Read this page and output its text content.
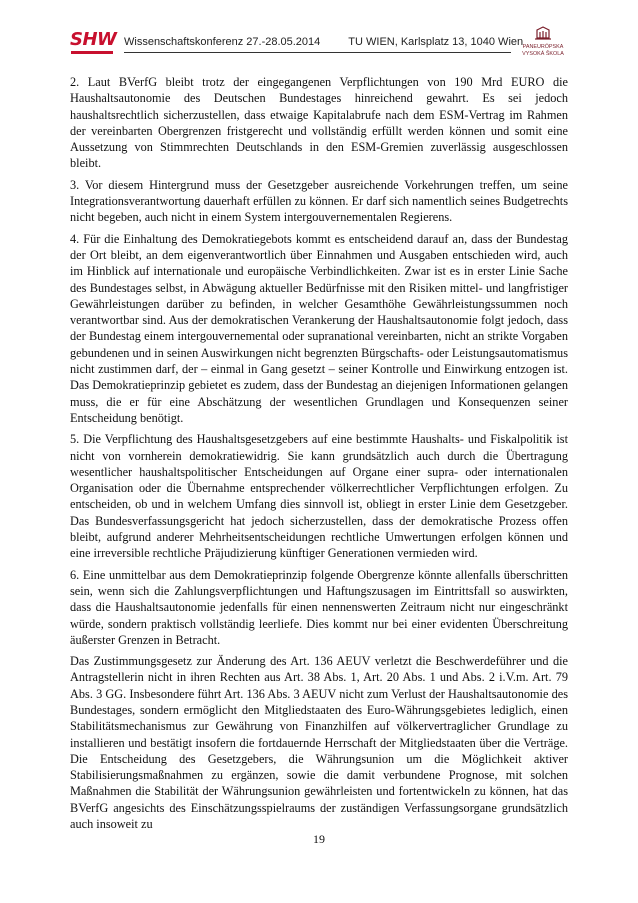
SHW Wissenschaftskonferenz 27.-28.05.2014	TU WIEN, Karlsplatz 13, 1040 Wien PANEURÓPSKA
VYSOKÁ ŠKOLA

2. Laut BVerfG bleibt trotz der eingegangenen Verpflichtungen von 190 Mrd EURO die Haushaltsautonomie des Deutschen Bundestages hinreichend gewahrt. Es sei jedoch haushaltsrechtlich sicherzustellen, dass etwaige Kapitalabrufe nach dem ESM-Vertrag im Rahmen der vereinbarten Obergrenzen fristgerecht und vollständig erfüllt werden können und somit eine Aussetzung von Stimmrechten Deutschlands in den ESM-Gremien zuverlässig ausgeschlossen bleibt.

3. Vor diesem Hintergrund muss der Gesetzgeber ausreichende Vorkehrungen treffen, um seine Integrationsverantwortung dauerhaft erfüllen zu können. Er darf sich namentlich seines Budgetrechts nicht begeben, auch nicht in einem System intergouvernementalen Regierens.

4. Für die Einhaltung des Demokratiegebots kommt es entscheidend darauf an, dass der Bundestag der Ort bleibt, an dem eigenverantwortlich über Einnahmen und Ausgaben entschieden wird, auch im Hinblick auf internationale und europäische Verbindlichkeiten. Zwar ist es in erster Linie Sache des Bundestages selbst, in Abwägung aktueller Bedürfnisse mit den Risiken mittel- und langfristiger Gewährleistungen darüber zu befinden, in welcher Gesamthöhe Gewährleistungssummen noch verantwortbar sind. Aus der demokratischen Verankerung der Haushaltsautonomie folgt jedoch, dass der Bundestag einem intergouvernemental oder supranational vereinbarten, nicht an strikte Vorgaben gebundenen und in seinen Auswirkungen nicht begrenzten Bürgschafts- oder Leistungsautomatismus nicht zustimmen darf, der – einmal in Gang gesetzt – seiner Kontrolle und Einwirkung entzogen ist. Das Demokratieprinzip gebietet es zudem, dass der Bundestag an diejenigen Informationen gelangen muss, die er für eine Abschätzung der wesentlichen Grundlagen und Konsequenzen seiner Entscheidung benötigt.

5. Die Verpflichtung des Haushaltsgesetzgebers auf eine bestimmte Haushalts- und Fiskalpolitik ist nicht von vornherein demokratiewidrig. Sie kann grundsätzlich auch durch die Übertragung wesentlicher haushaltspolitischer Entscheidungen auf Organe einer supra- oder internationalen Organisation oder die Übernahme entsprechender völkerrechtlicher Verpflichtungen erfolgen. Zu entscheiden, ob und in welchem Umfang dies sinnvoll ist, obliegt in erster Linie dem Gesetzgeber. Das Bundesverfassungsgericht hat jedoch sicherzustellen, dass der demokratische Prozess offen bleibt, aufgrund anderer Mehrheitsentscheidungen rechtliche Umwertungen erfolgen können und eine irreversible rechtliche Präjudizierung künftiger Generationen vermieden wird.

6. Eine unmittelbar aus dem Demokratieprinzip folgende Obergrenze könnte allenfalls überschritten sein, wenn sich die Zahlungsverpflichtungen und Haftungszusagen im Eintrittsfall so auswirkten, dass die Haushaltsautonomie jedenfalls für einen nennenswerten Zeitraum nicht nur eingeschränkt würde, sondern praktisch vollständig leerliefe. Dies kommt nur bei einer evidenten Überschreitung äußerster Grenzen in Betracht.

Das Zustimmungsgesetz zur Änderung des Art. 136 AEUV verletzt die Beschwerdeführer und die Antragstellerin nicht in ihren Rechten aus Art. 38 Abs. 1, Art. 20 Abs. 1 und Abs. 2 i.V.m. Art. 79 Abs. 3 GG. Insbesondere führt Art. 136 Abs. 3 AEUV nicht zum Verlust der Haushaltsautonomie des Bundestages, sondern ermöglicht den Mitgliedstaaten des Euro-Währungsgebietes lediglich, einen Stabilitätsmechanismus zur Gewährung von Finanzhilfen auf völkervertraglicher Grundlage zu installieren und bestätigt insofern die fortdauernde Herrschaft der Mitgliedstaaten über die Verträge. Die Entscheidung des Gesetzgebers, die Währungsunion um die Möglichkeit aktiver Stabilisierungsmaßnahmen zu ergänzen, sowie die damit verbundene Prognose, mit solchen Maßnahmen die Stabilität der Währungsunion gewährleisten und fortentwickeln zu können, hat das BVerfG angesichts des Einschätzungsspielraums der zuständigen Verfassungsorgane grundsätzlich auch insoweit zu

19
